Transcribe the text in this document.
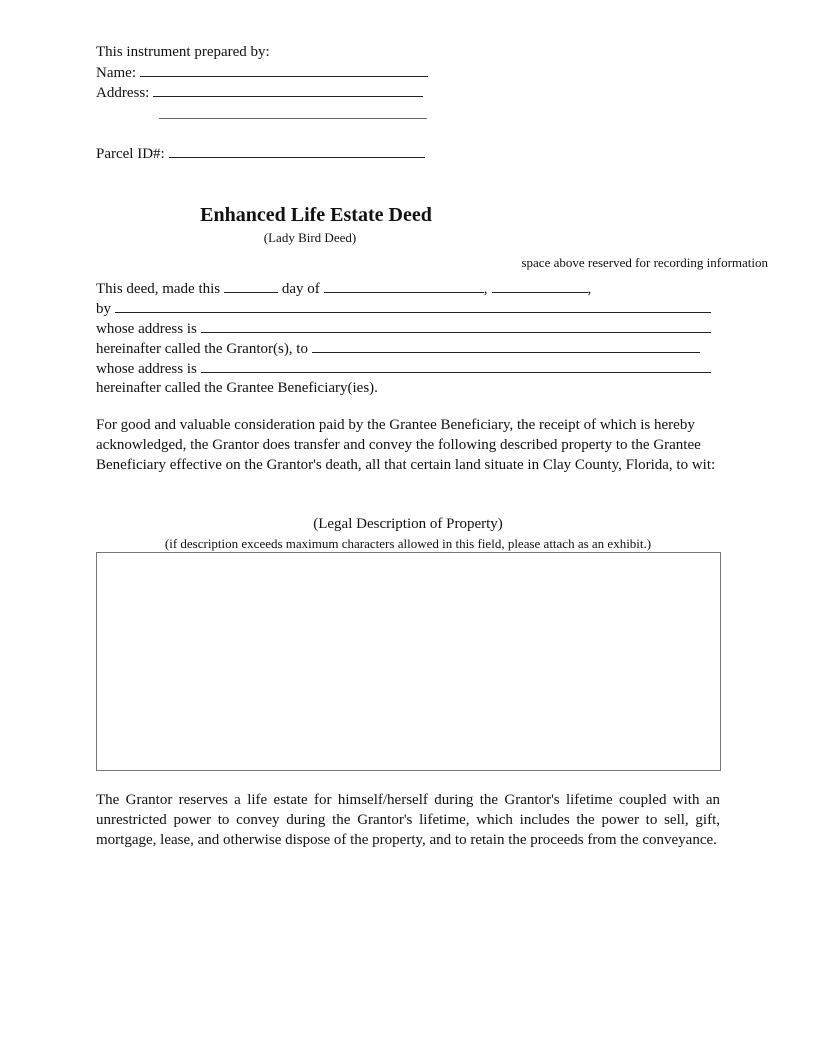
This instrument prepared by:
Name:
Address:
Parcel ID#:
Enhanced Life Estate Deed
(Lady Bird Deed)
space above reserved for recording information
This deed, made this	day of	,	,
by
whose address is
hereinafter called the Grantor(s), to
whose address is
hereinafter called the Grantee Beneficiary(ies).
For good and valuable consideration paid by the Grantee Beneficiary, the receipt of which is hereby acknowledged, the Grantor does transfer and convey the following described property to the Grantee Beneficiary effective on the Grantor's death, all that certain land situate in Clay County, Florida, to wit:
(Legal Description of Property)
(if description exceeds maximum characters allowed in this field, please attach as an exhibit.)
The Grantor reserves a life estate for himself/herself during the Grantor's lifetime coupled with an unrestricted power to convey during the Grantor's lifetime, which includes the power to sell, gift, mortgage, lease, and otherwise dispose of the property, and to retain the proceeds from the conveyance.
